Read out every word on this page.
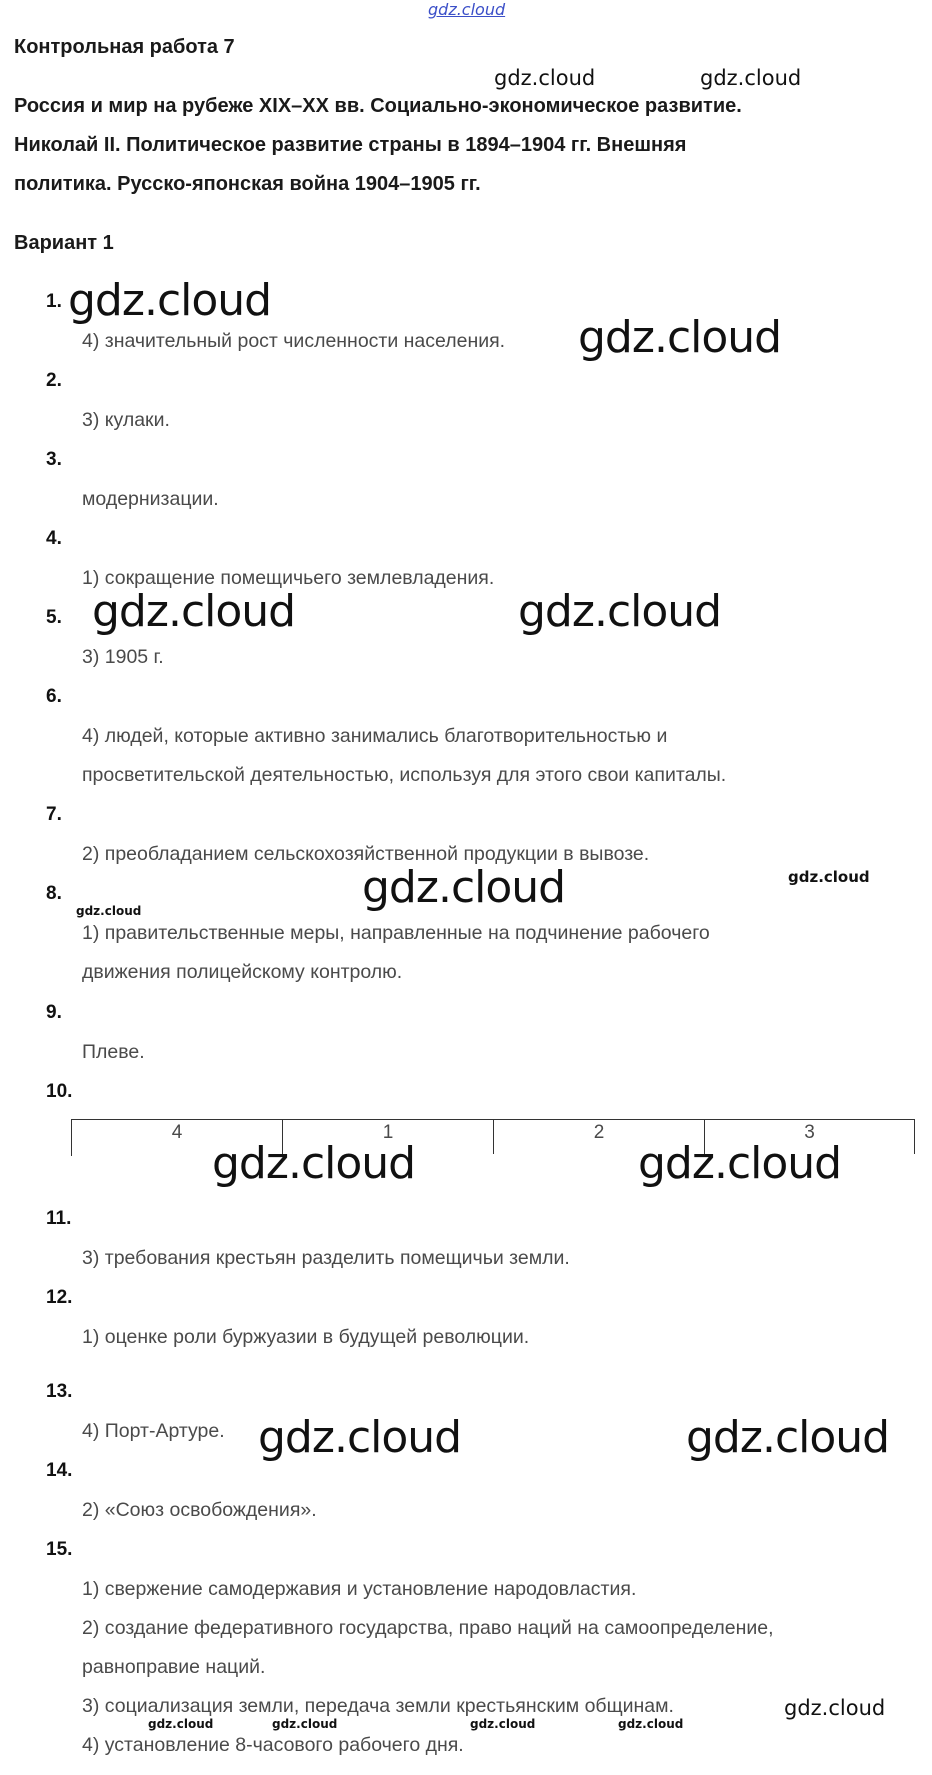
gdz.cloud
Контрольная работа 7
Россия и мир на рубеже XIX–XX вв. Социально-экономическое развитие.
Николай II. Политическое развитие страны в 1894–1904 гг. Внешняя
политика. Русско-японская война 1904–1905 гг.
Вариант 1
1.
4) значительный рост численности населения.
2.
3) кулаки.
3.
модернизации.
4.
1) сокращение помещичьего землевладения.
5.
3) 1905 г.
6.
4) людей, которые активно занимались благотворительностью и
просветительской деятельностью, используя для этого свои капиталы.
7.
2) преобладанием сельскохозяйственной продукции в вывозе.
8.
1) правительственные меры, направленные на подчинение рабочего
движения полицейскому контролю.
9.
Плеве.
10.
4	1	2	3
11.
3) требования крестьян разделить помещичьи земли.
12.
1) оценке роли буржуазии в будущей революции.
13.
4) Порт-Артуре.
14.
2) «Союз освобождения».
15.
1) свержение самодержавия и установление народовластия.
2) создание федеративного государства, право наций на самоопределение,
равноправие наций.
3) социализация земли, передача земли крестьянским общинам.
4) установление 8-часового рабочего дня.
gdz.cloud	gdz.cloud
gdz.cloud
gdz.cloud
gdz.cloud	gdz.cloud
gdz.cloud
gdz.cloud
gdz.cloud
gdz.cloud	gdz.cloud
gdz.cloud	gdz.cloud
gdz.cloud
gdz.cloud	gdz.cloud	gdz.cloud	gdz.cloud
